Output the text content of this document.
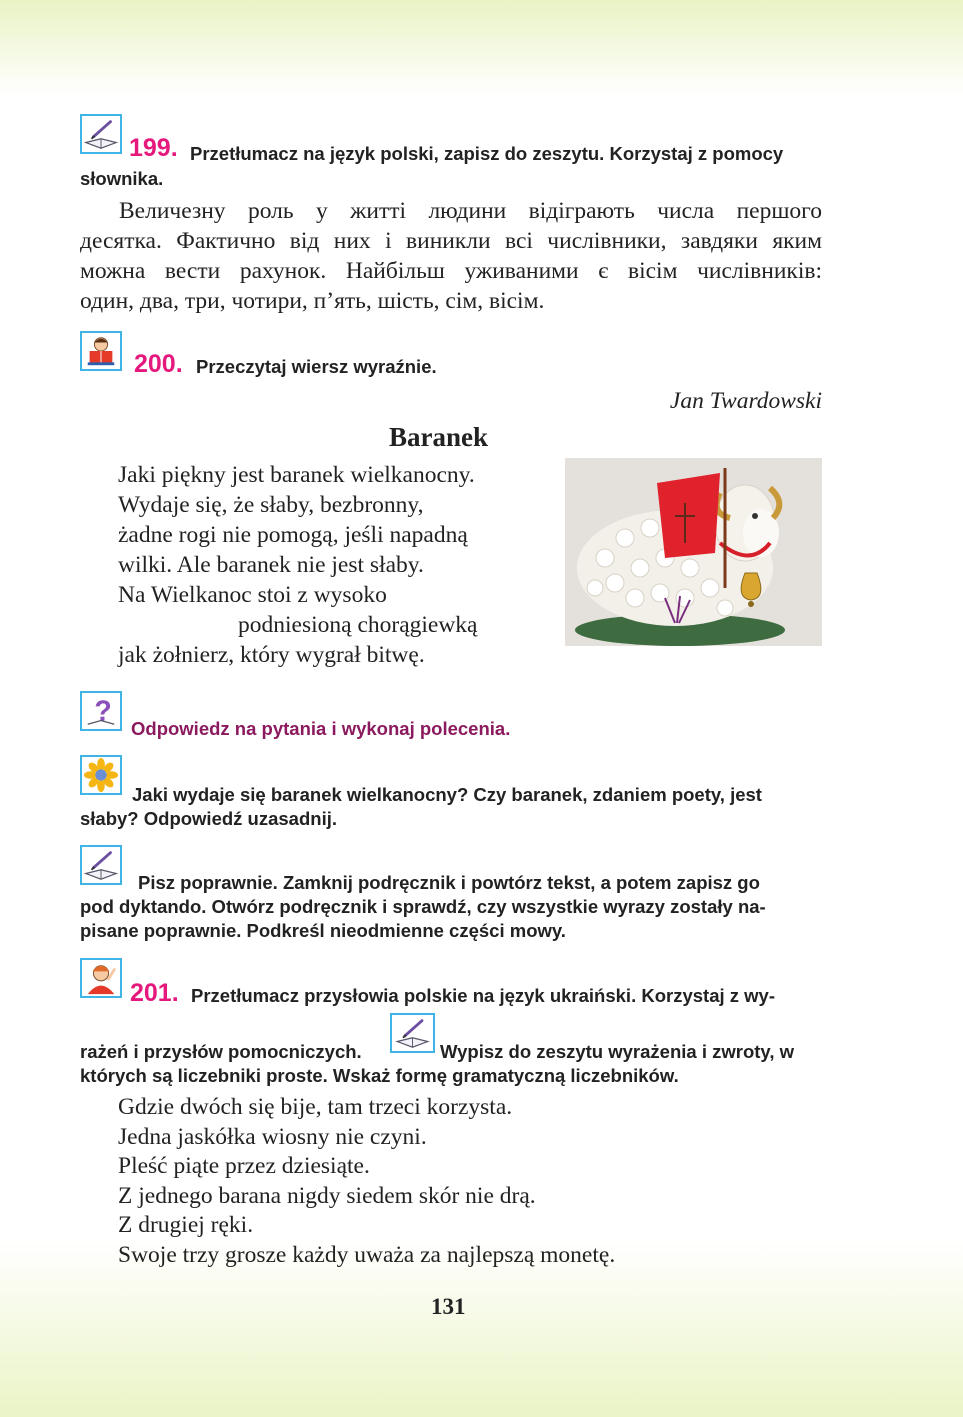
199. Przetłumacz na język polski, zapisz do zeszytu. Korzystaj z pomocy
słownika.
Величезну роль у житті людини відіграють числа першого
десятка. Фактично від них і виникли всі числівники, завдяки яким
можна вести рахунок. Найбільш уживаними є вісім числівників:
один, два, три, чотири, п’ять, шість, сім, вісім.
200. Przeczytaj wiersz wyraźnie.
Jan Twardowski
Baranek
Jaki piękny jest baranek wielkanocny.
Wydaje się, że słaby, bezbronny,
żadne rogi nie pomogą, jeśli napadną
wilki. Ale baranek nie jest słaby.
Na Wielkanoc stoi z wysoko
podniesioną chorągiewką
jak żołnierz, który wygrał bitwę.
?
Odpowiedz na pytania i wykonaj polecenia.
Jaki wydaje się baranek wielkanocny? Czy baranek, zdaniem poety, jest
słaby? Odpowiedź uzasadnij.
Pisz poprawnie. Zamknij podręcznik i powtórz tekst, a potem zapisz go
pod dyktando. Otwórz podręcznik i sprawdź, czy wszystkie wyrazy zostały na-
pisane poprawnie. Podkreśl nieodmienne części mowy.
201. Przetłumacz przysłowia polskie na język ukraiński. Korzystaj z wy-
rażeń i przysłów pomocniczych.	Wypisz do zeszytu wyrażenia i zwroty, w
których są liczebniki proste. Wskaż formę gramatyczną liczebników.
Gdzie dwóch się bije, tam trzeci korzysta.
Jedna jaskółka wiosny nie czyni.
Pleść piąte przez dziesiąte.
Z jednego barana nigdy siedem skór nie drą.
Z drugiej ręki.
Swoje trzy grosze każdy uważa za najlepszą monetę.
131
